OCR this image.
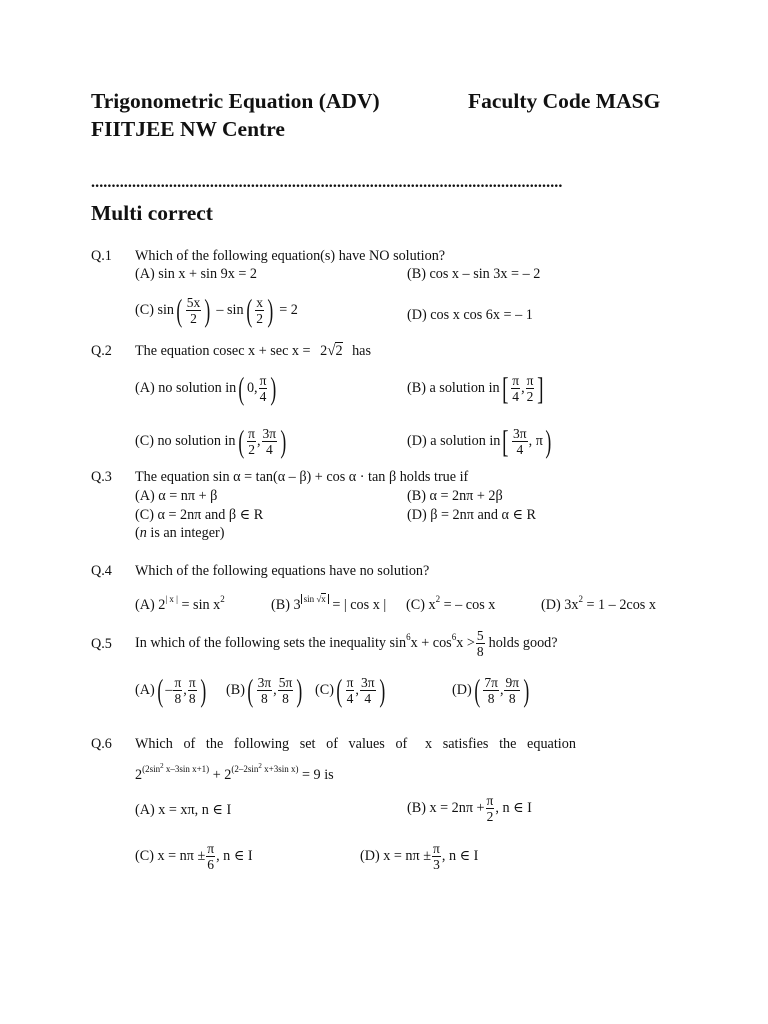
Trigonometric Equation (ADV)	Faculty Code MASG
FIITJEE NW Centre
...................................................................................................................
Multi correct
Q.1 Which of the following equation(s) have NO solution?
(A) sin x + sin 9x = 2	(B) cos x – sin 3x = – 2
(C) $\sin( \frac{5x}{2}$ ) – $\sin( \frac{x}{2}$ ) = 2	(D) cos x cos 6x = – 1
Q.2 The equation cosec x + sec x = 2√2 has
(A) no solution in( 0, $\frac{\pi}{4}$ )	(B) a solution $in[ \frac{\pi}{4}$ , $\frac{\pi}{2}$ ]
(C) no solution $in( \frac{\pi}{2}$ , $\frac{3\pi}{4}$ )	(D) a solution $in[ \frac{3\pi}{4}$ , π)
Q.3 The equation sin α = tan(α – β) + cos α · tan β holds true if
(A) α = nπ + β	(B) α = 2nπ + 2β
(C) α = 2nπ and β ∈ R	(D) β = 2nπ and α ∈ R
(n is an integer)
Q.4 Which of the following equations have no solution?
(A) $2^{| x |} = \sin x^2$	(B) 3 $^{sin √x}$ = | cos x | (C) $x^2$ = – cos x	(D) $3x^2 = 1 - 2\cos$ x
Q.5 In which of the following sets the inequality $\sin^6x + \cos^6x > \frac{5}{8}$ holds good?
$(A)( - \frac{\pi}{8}$ , $\frac{\pi}{8}$ ) $(B)( \frac{3\pi}{8}$ , $\frac{5\pi}{8}$ ) $(C)( \frac{\pi}{4}$ , $\frac{3\pi}{4}$ )	$(D)( \frac{7\pi}{8}$ , $\frac{9\pi}{8}$ )
Q.6 Which   of   the   following   set   of   values   of     x   satisfies   the   equation
$2^{(2sin^2 x-3sin x+1)} + 2^{(2-2sin^2 x+3sin x)} = 9$ is
(A) x = xπ, n ∈ I	(B) $x = 2n\pi + \frac{\pi}{2}$ , n ∈ I
(C) $x = n\pi \pm \frac{\pi}{6}$ , n ∈ I	(D) $x = n\pi \pm \frac{\pi}{3}$ , n ∈ I
